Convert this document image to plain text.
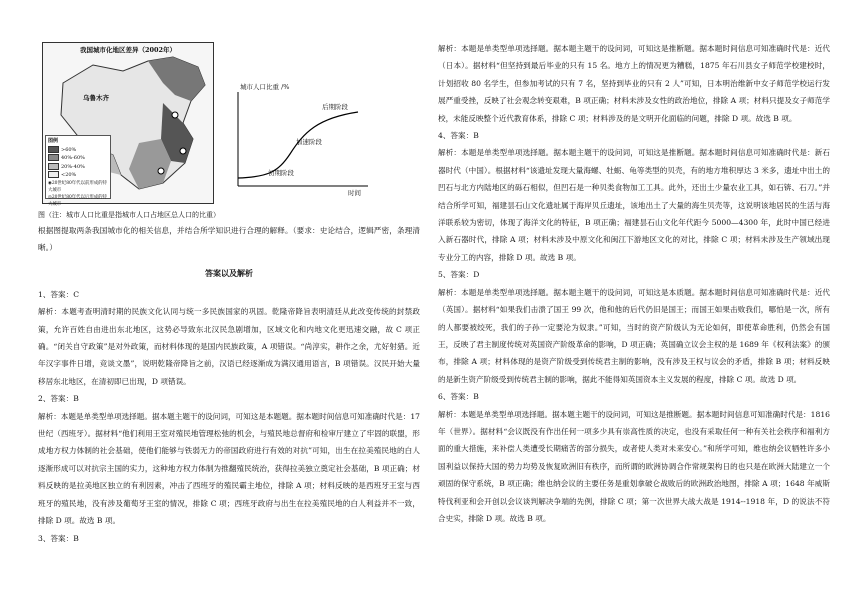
我国城市化地区差异（2002年）
乌鲁木齐
图例
>60%
40%-60%
20%-40%
<20%
◉20世纪80年代以前形成的特大城市
◎20世纪80年代以后形成的特大城市
城市人口比重 /%
后期阶段
加速阶段
初期阶段
时间
图（注：城市人口比重是指城市人口占地区总人口的比重）

根据图提取两条我国城市化的相关信息，并结合所学知识进行合理的解释。（要求：史论结合，逻辑严密，条理清晰。）

答案以及解析
1、答案：C

解析：本题考查明清时期的民族文化认同与统一多民族国家的巩固。乾隆帝降旨表明清廷从此改变传统的封禁政策，允许百姓自由进出东北地区，这势必导致东北汉民急剧增加，区域文化和内地文化更迅速交融，故 C 项正确。“闭关自守政策”是对外政策，而材料体现的是国内民族政策，A 项错误。“尚淳实，耕作之余，尤好射猎。近年汉字事件日增，竞谈文墨”，说明乾隆帝降旨之前，汉语已经逐渐成为满汉通用语言，B 项错误。汉民开始大量移居东北地区，在清初即已出现，D 项错误。

2、答案：B

解析：本题是单类型单项选择题。据本题主题干的设问词，可知这是本题题。据本题时间信息可知准确时代是：17 世纪（西班牙）。据材料“他们利用王室对殖民地管理松弛的机会，与殖民地总督府和检审厅建立了牢固的联盟，形成地方权力体制的社会基础，使他们能够与铁弱无力的帝国政府进行有效的对抗”可知，出生在拉美殖民地的白人逐渐形成可以对抗宗主国的实力，这种地方权力体制为推翻殖民统治，获得拉美独立奠定社会基础，B 项正确；材料反映的是拉美地区独立的有利因素，冲击了西班牙的殖民霸主地位，排除 A 项；材料反映的是西班牙王室与西班牙的殖民地，没有涉及葡萄牙王室的情况，排除 C 项；西班牙政府与出生在拉美殖民地的白人利益并不一致，排除 D 项。故选 B 项。

3、答案：B

解析：本题是单类型单项选择题。据本题主题干的设问词，可知这是推断题。据本题时间信息可知准确时代是：近代（日本）。据材料“但坚持到最后毕业的只有 15 名。地方上的情况更为糟糕，1875 年石川县女子师范学校建校时，计划招收 80 名学生，但参加考试的只有 7 名，坚持到毕业的只有 2 人”可知，日本明治维新中女子师范学校运行发展严重受挫，反映了社会观念转变艰难，B 项正确；材料未涉及女性的政治地位，排除 A 项；材料只提及女子师范学校，未能反映整个近代教育体系，排除 C 项；材料涉及的是文明开化面临的问题，排除 D 项。故选 B 项。

4、答案：B

解析：本题是单类型单项选择题。据本题主题干的设问词，可知这是推断题。据本题时间信息可知准确时代是：新石器时代（中国）。根据材料“该遗址发现大量海螺、牡蛎、龟等类型的贝壳，有的地方堆积厚达 3 米多，遗址中出土的凹石与北方内陆地区的砾石相似，但凹石是一种贝类食物加工工具。此外，还出土少量农业工具，如石锛、石刀。”并结合所学可知，福建昙石山文化遗址属于海岸贝丘遗址，该地出土了大量的海生贝壳等，这说明该地居民的生活与海洋联系较为密切，体现了海洋文化的特征，B 项正确；福建昙石山文化年代距今 5000—4300 年，此时中国已经进入新石器时代，排除 A 项；材料未涉及中原文化和闽江下游地区文化的对比，排除 C 项；材料未涉及生产领域出现专业分工的内容，排除 D 项。故选 B 项。

5、答案：D

解析：本题是单类型单项选择题。据本题主题干的设问词，可知这是本质题。据本题时间信息可知准确时代是：近代（英国）。据材料“如果我们击溃了国王 99 次，他和他的后代仍旧是国王；而国王如果击败我们，哪怕是一次，所有的人都要被绞死，我们的子孙一定要沦为奴隶。”可知，当时的资产阶级认为无论如何，即使革命胜利，仍然会有国王，反映了君主制度传统对英国资产阶级革命的影响，D 项正确；英国确立议会主权的是 1689 年《权利法案》的颁布，排除 A 项；材料体现的是资产阶级受到传统君主制的影响，没有涉及王权与议会的矛盾，排除 B 项；材料反映的是新生资产阶级受到传统君主制的影响，据此不能得知英国资本主义发展的程度，排除 C 项。故选 D 项。

6、答案：B

解析：本题是单类型单项选择题。据本题主题干的设问词，可知这是推断题。据本题时间信息可知准确时代是：1816 年（世界）。据材料“会议既没有作出任何一项多少具有崇高性质的决定，也没有采取任何一种有关社会秩序和福利方面的重大措施，来补偿人类遭受长期痛苦的部分损失，或者使人类对未来安心。”和所学可知，维也纳会议牺牲许多小国利益以保持大国的势力均势及恢复欧洲旧有秩序，而所谓的欧洲协调合作常规架构日的也只是在欧洲大陆建立一个顽固的保守系统，B 项正确；维也纳会议的主要任务是重划拿破仑战败后的欧洲政治地图，排除 A 项；1648 年威斯特伐利亚和会开创以会议谈判解决争端的先例，排除 C 项；第一次世界大战大战是 1914--1918 年，D 的说法不符合史实，排除 D 项。故选 B 项。
